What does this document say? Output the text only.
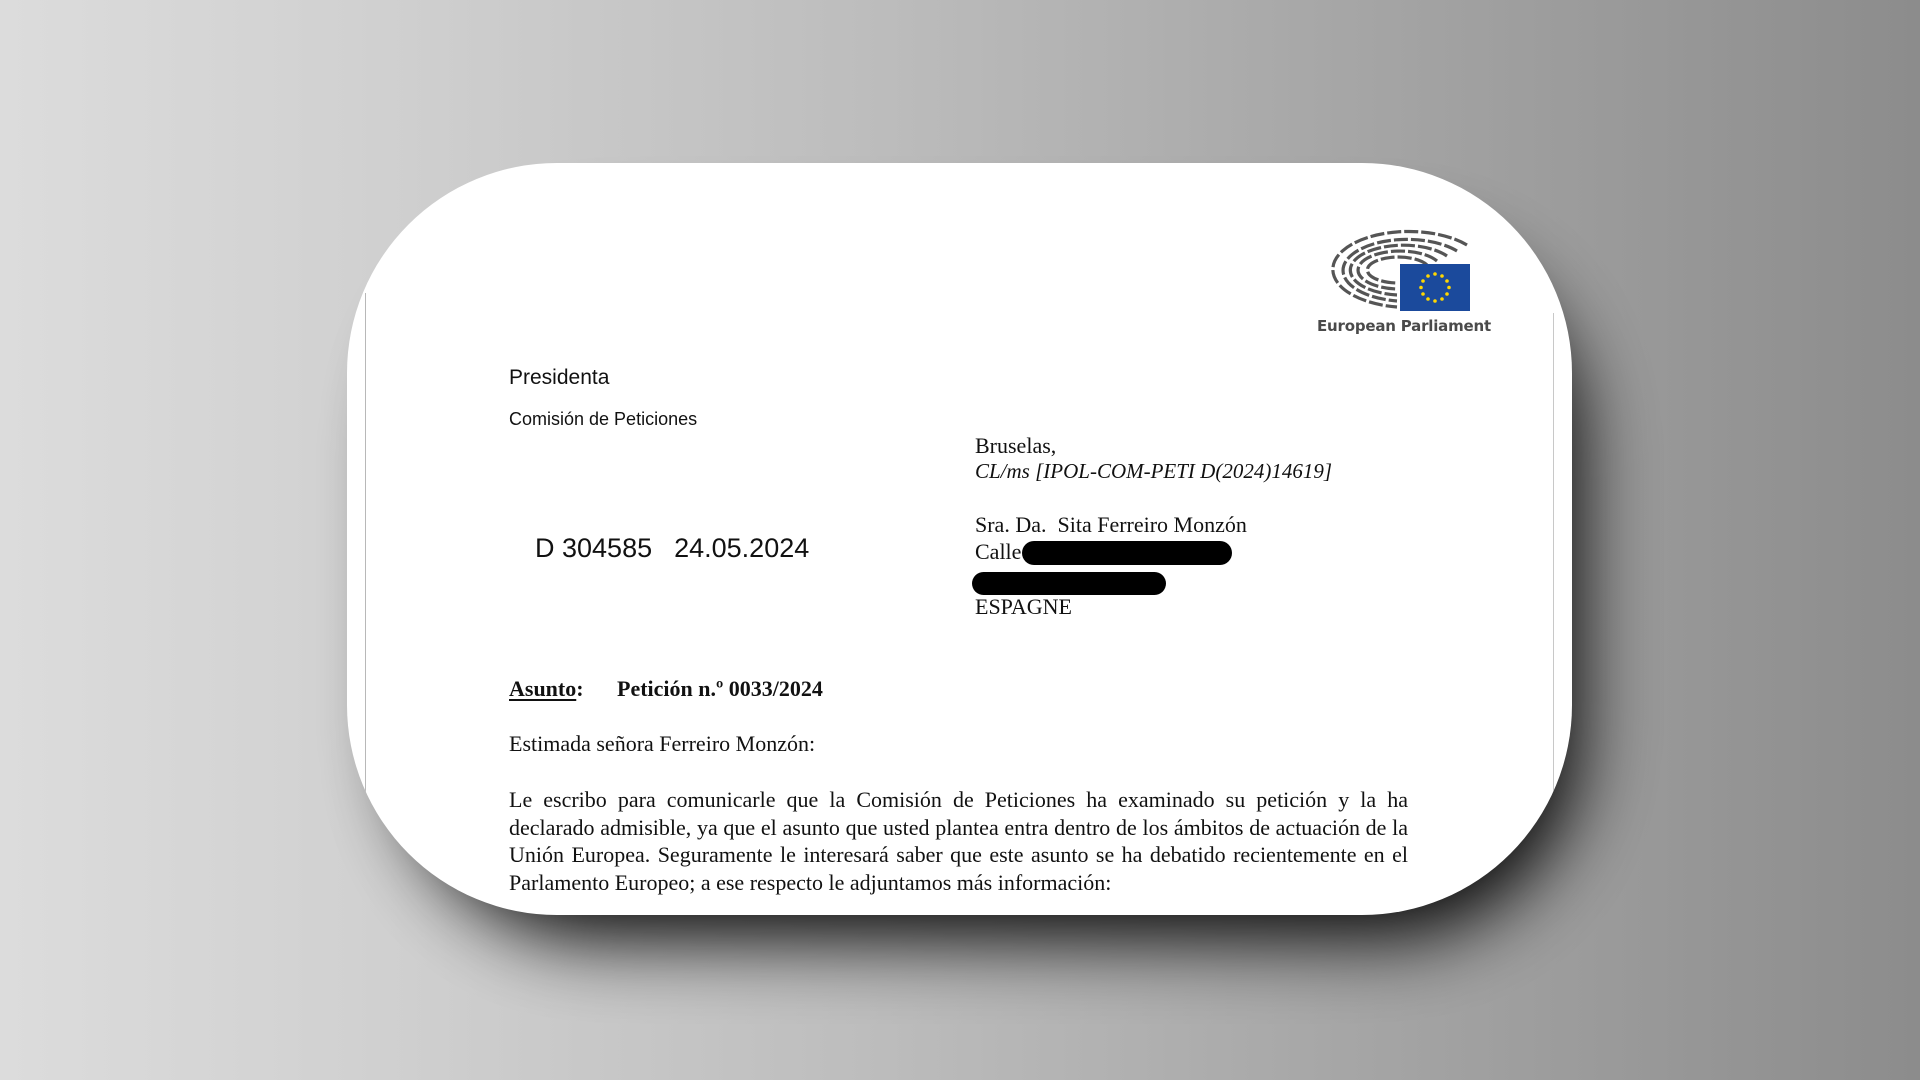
European Parliament
Presidenta
Comisión de Peticiones
D 304585 24.05.2024
Bruselas,
CL/ms [IPOL-COM-PETI D(2024)14619]
Sra. Da.  Sita Ferreiro Monzón
Calle
ESPAGNE
Asunto: Petición n.º 0033/2024
Estimada señora Ferreiro Monzón:
Le escribo para comunicarle que la Comisión de Peticiones ha examinado su petición y la ha declarado admisible, ya que el asunto que usted plantea entra dentro de los ámbitos de actuación de la Unión Europea. Seguramente le interesará saber que este asunto se ha debatido recientemente en el Parlamento Europeo; a ese respecto le adjuntamos más información:
